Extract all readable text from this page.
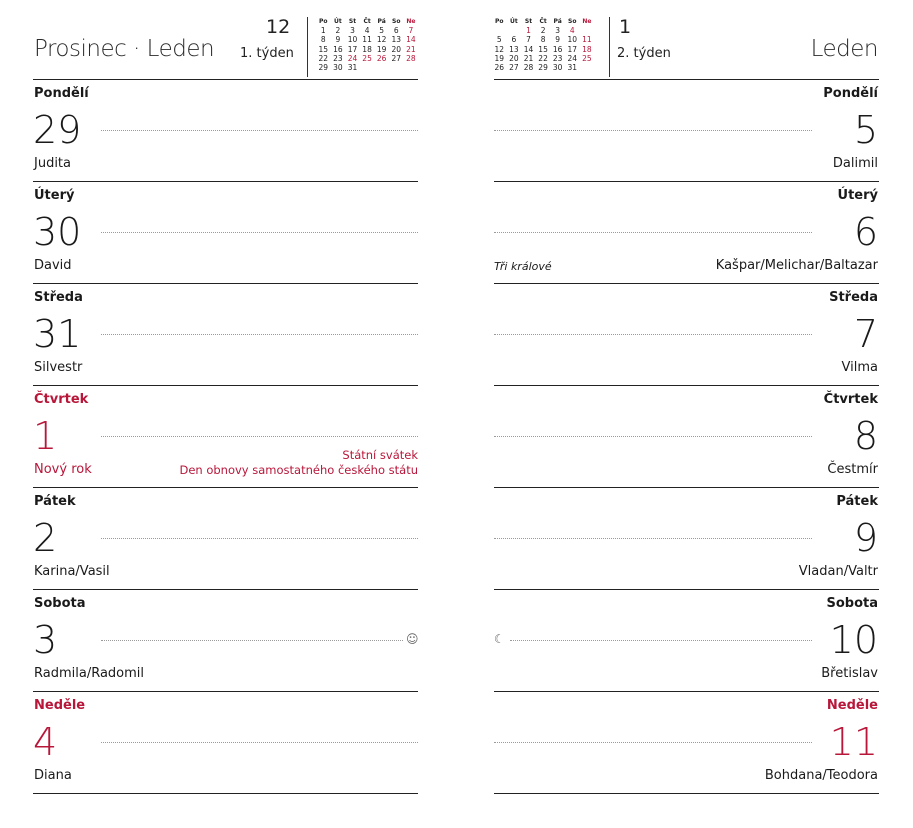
Prosinec · Leden
12
1. týden
Po	Út	St	Čt	Pá	So	Ne
1	2	3	4	5	6	7
8	9	10	11	12	13	14
15	16	17	18	19	20	21
22	23	24	25	26	27	28
29	30	31				
Pondělí
29
Judita
Úterý
30
David
Středa
31
Silvestr
Čtvrtek
1	Státní svátek
Den obnovy samostatného českého státu
Nový rok
Pátek
2
Karina/Vasil
Sobota
3	☺
Radmila/Radomil
Neděle
4
Diana
Po	Út	St	Čt	Pá	So	Ne
		1	2	3	4	
5	6	7	8	9	10	11
12	13	14	15	16	17	18
19	20	21	22	23	24	25
26	27	28	29	30	31	
1
2. týden	Leden
Pondělí
5
Dalimil
Úterý
6
Tři králové	Kašpar/Melichar/Baltazar
Středa
7
Vilma
Čtvrtek
8
Čestmír
Pátek
9
Vladan/Valtr
Sobota
☾	10
Břetislav
Neděle
11
Bohdana/Teodora
